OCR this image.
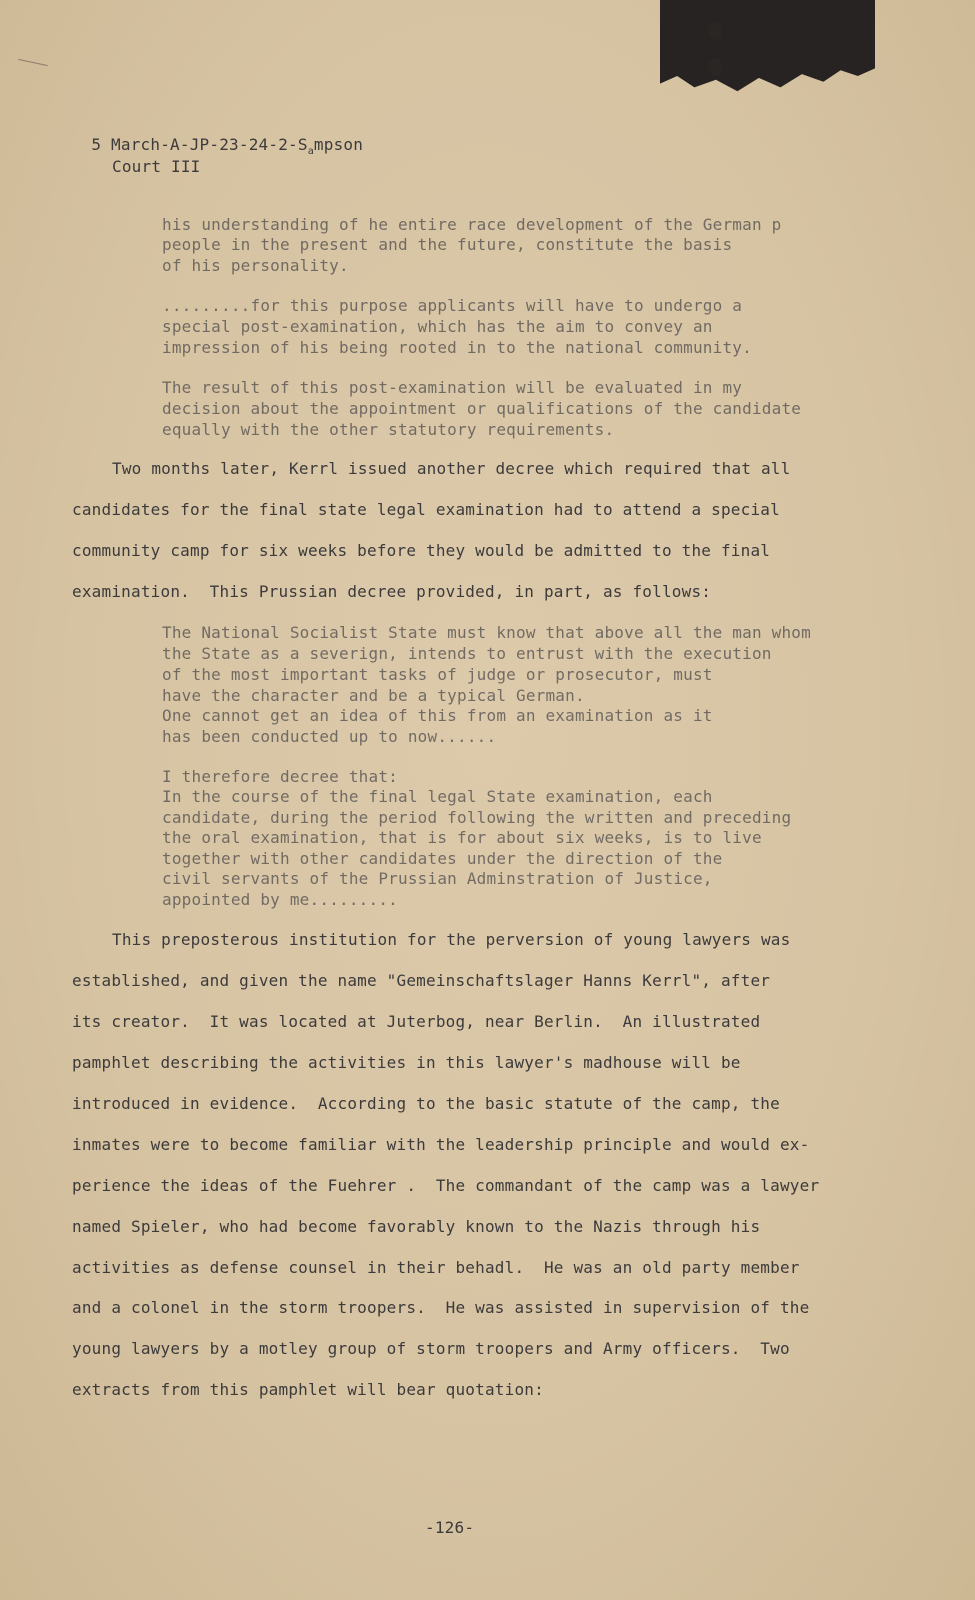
5 March-$A-JP-23-24-2-S_ampson$

Court III
his understanding of he entire race development of the German p
people in the present and the future, constitute the basis
of his personality.
.........for this purpose applicants will have to undergo a
special post-examination, which has the aim to convey an
impression of his being rooted in to the national community.
The result of this post-examination will be evaluated in my
decision about the appointment or qualifications of the candidate
equally with the other statutory requirements.
Two months later, Kerrl issued another decree which required that all
candidates for the final state legal examination had to attend a special
community camp for six weeks before they would be admitted to the final
examination.  This Prussian decree provided, in part, as follows:
The National Socialist State must know that above all the man whom
the State as a severign, intends to entrust with the execution
of the most important tasks of judge or prosecutor, must
have the character and be a typical German.
One cannot get an idea of this from an examination as it
has been conducted up to now......
I therefore decree that:
In the course of the final legal State examination, each
candidate, during the period following the written and preceding
the oral examination, that is for about six weeks, is to live
together with other candidates under the direction of the
civil servants of the Prussian Adminstration of Justice,
appointed by me.........
This preposterous institution for the perversion of young lawyers was
established, and given the name "Gemeinschaftslager Hanns Kerrl", after
its creator.  It was located at Juterbog, near Berlin.  An illustrated
pamphlet describing the activities in this lawyer's madhouse will be
introduced in evidence.  According to the basic statute of the camp, the
inmates were to become familiar with the leadership principle and would ex-
perience the ideas of the Fuehrer .  The commandant of the camp was a lawyer
named Spieler, who had become favorably known to the Nazis through his
activities as defense counsel in their behadl.  He was an old party member
and a colonel in the storm troopers.  He was assisted in supervision of the
young lawyers by a motley group of storm troopers and Army officers.  Two
extracts from this pamphlet will bear quotation:
-126-
